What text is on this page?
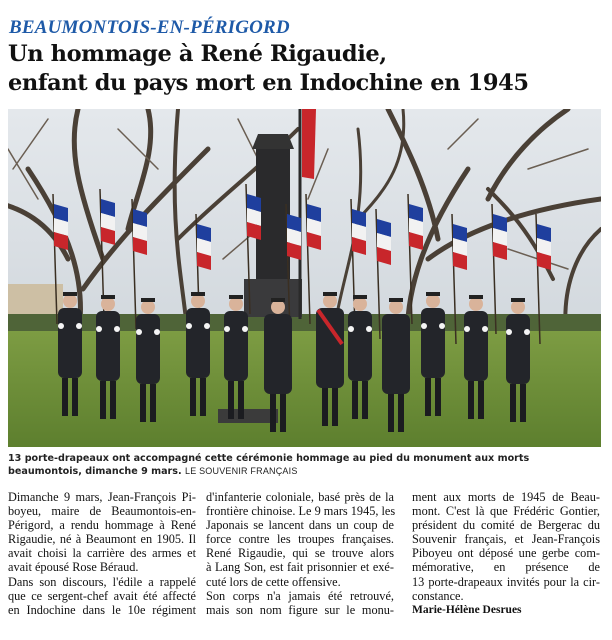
BEAUMONTOIS-EN-PÉRIGORD
Un hommage à René Rigaudie,
enfant du pays mort en Indochine en 1945
13 porte-drapeaux ont accompagné cette cérémonie hommage au pied du monument aux morts beaumontois, dimanche 9 mars. LE SOUVENIR FRANÇAIS
Dimanche 9 mars, Jean-François Pi-
boyeu, maire de Beaumontois-en-
Périgord, a rendu hommage à René
Rigaudie, né à Beaumont en 1905. Il
avait choisi la carrière des armes et
avait épousé Rose Béraud.
Dans son discours, l'édile a rappelé
que ce sergent-chef avait été affecté
en Indochine dans le 10e régiment
d'infanterie coloniale, basé près de la
frontière chinoise. Le 9 mars 1945, les
Japonais se lancent dans un coup de
force contre les troupes françaises.
René Rigaudie, qui se trouve alors
à Lang Son, est fait prisonnier et exé-
cuté lors de cette offensive.
Son corps n'a jamais été retrouvé,
mais son nom figure sur le monu-
ment aux morts de 1945 de Beau-
mont. C'est là que Frédéric Gontier,
président du comité de Bergerac du
Souvenir français, et Jean-François
Piboyeu ont déposé une gerbe com-
mémorative, en présence de
13 porte-drapeaux invités pour la cir-
constance.
Marie-Hélène Desrues
